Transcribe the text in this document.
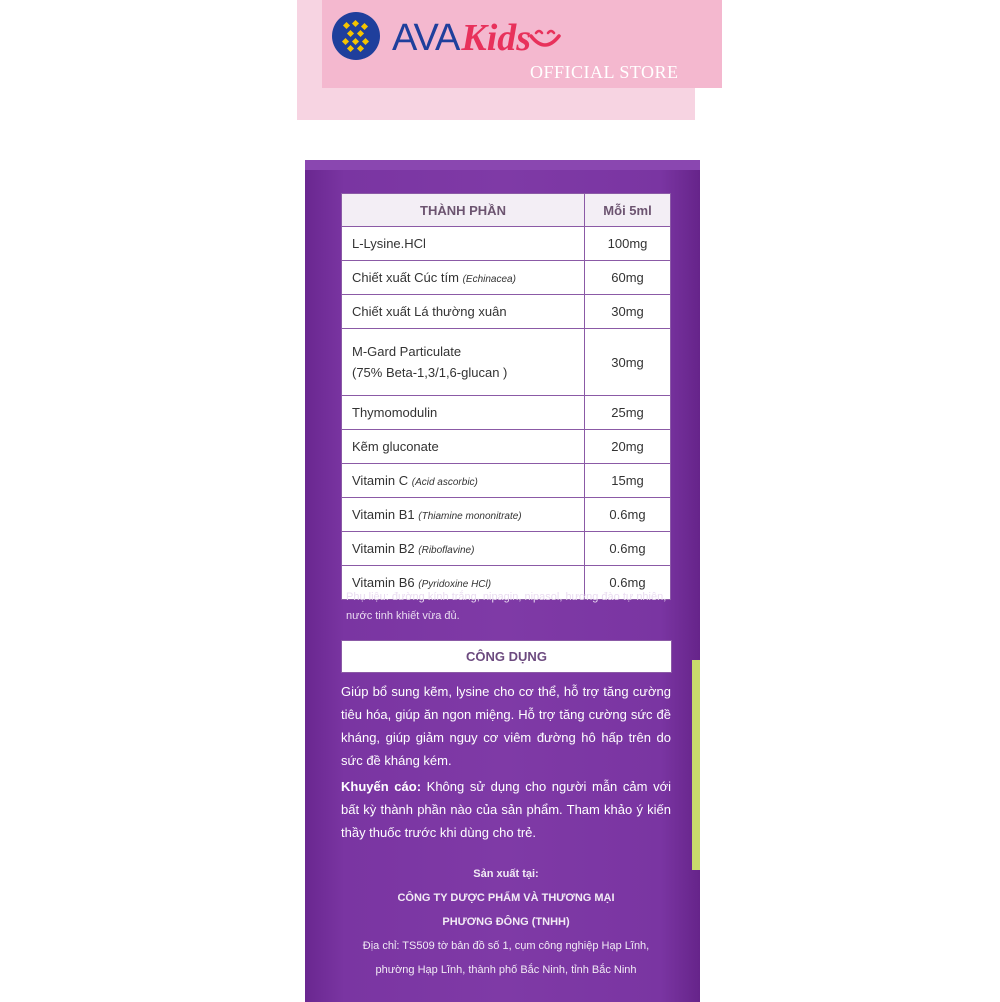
AVA Kids
OFFICIAL STORE
THÀNH PHẦN	Mỗi 5ml
L-Lysine.HCl	100mg
Chiết xuất Cúc tím (Echinacea)	60mg
Chiết xuất Lá thường xuân	30mg
M-Gard Particulate
(75% Beta-1,3/1,6-glucan )	30mg
Thymomodulin	25mg
Kẽm gluconate	20mg
Vitamin C (Acid ascorbic)	15mg
Vitamin B1 (Thiamine mononitrate)	0.6mg
Vitamin B2 (Riboflavine)	0.6mg
Vitamin B6 (Pyridoxine HCl)	0.6mg
Phụ liệu: đường kính trắng, nipagin, nipasol, hương đào tự nhiên, nước tinh khiết vừa đủ.
CÔNG DỤNG
Giúp bổ sung kẽm, lysine cho cơ thể, hỗ trợ tăng cường tiêu hóa, giúp ăn ngon miệng. Hỗ trợ tăng cường sức đề kháng, giúp giảm nguy cơ viêm đường hô hấp trên do sức đề kháng kém.
Khuyến cáo: Không sử dụng cho người mẫn cảm với bất kỳ thành phần nào của sản phẩm. Tham khảo ý kiến thầy thuốc trước khi dùng cho trẻ.
Sản xuất tại:
CÔNG TY DƯỢC PHẨM VÀ THƯƠNG MẠI
PHƯƠNG ĐÔNG (TNHH)
Địa chỉ: TS509 tờ bản đồ số 1, cụm công nghiệp Hạp Lĩnh,
phường Hạp Lĩnh, thành phố Bắc Ninh, tỉnh Bắc Ninh
